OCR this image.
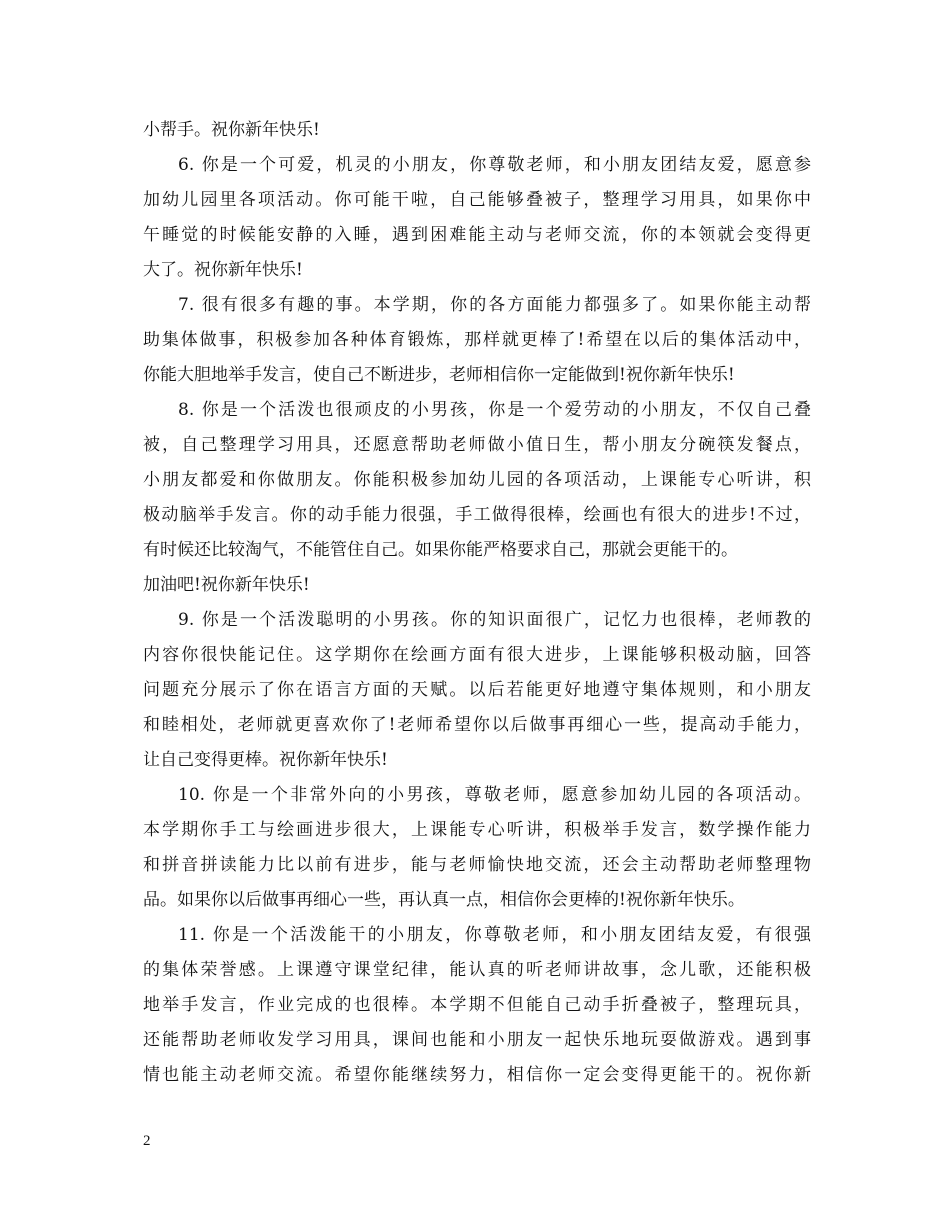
小帮手。祝你新年快乐!
6. 你是一个可爱，机灵的小朋友，你尊敬老师，和小朋友团结友爱，愿意参
加幼儿园里各项活动。你可能干啦，自己能够叠被子，整理学习用具，如果你中
午睡觉的时候能安静的入睡，遇到困难能主动与老师交流，你的本领就会变得更
大了。祝你新年快乐!
7. 很有很多有趣的事。本学期，你的各方面能力都强多了。如果你能主动帮
助集体做事，积极参加各种体育锻炼，那样就更棒了!希望在以后的集体活动中，
你能大胆地举手发言，使自己不断进步，老师相信你一定能做到!祝你新年快乐!
8. 你是一个活泼也很顽皮的小男孩，你是一个爱劳动的小朋友，不仅自己叠
被，自己整理学习用具，还愿意帮助老师做小值日生，帮小朋友分碗筷发餐点，
小朋友都爱和你做朋友。你能积极参加幼儿园的各项活动，上课能专心听讲，积
极动脑举手发言。你的动手能力很强，手工做得很棒，绘画也有很大的进步!不过，
有时候还比较淘气，不能管住自己。如果你能严格要求自己，那就会更能干的。
加油吧!祝你新年快乐!
9. 你是一个活泼聪明的小男孩。你的知识面很广，记忆力也很棒，老师教的
内容你很快能记住。这学期你在绘画方面有很大进步，上课能够积极动脑，回答
问题充分展示了你在语言方面的天赋。以后若能更好地遵守集体规则，和小朋友
和睦相处，老师就更喜欢你了!老师希望你以后做事再细心一些，提高动手能力，
让自己变得更棒。祝你新年快乐!
10. 你是一个非常外向的小男孩，尊敬老师，愿意参加幼儿园的各项活动。
本学期你手工与绘画进步很大，上课能专心听讲，积极举手发言，数学操作能力
和拼音拼读能力比以前有进步，能与老师愉快地交流，还会主动帮助老师整理物
品。如果你以后做事再细心一些，再认真一点，相信你会更棒的!祝你新年快乐。
11. 你是一个活泼能干的小朋友，你尊敬老师，和小朋友团结友爱，有很强
的集体荣誉感。上课遵守课堂纪律，能认真的听老师讲故事，念儿歌，还能积极
地举手发言，作业完成的也很棒。本学期不但能自己动手折叠被子，整理玩具，
还能帮助老师收发学习用具，课间也能和小朋友一起快乐地玩耍做游戏。遇到事
情也能主动老师交流。希望你能继续努力，相信你一定会变得更能干的。祝你新
2
